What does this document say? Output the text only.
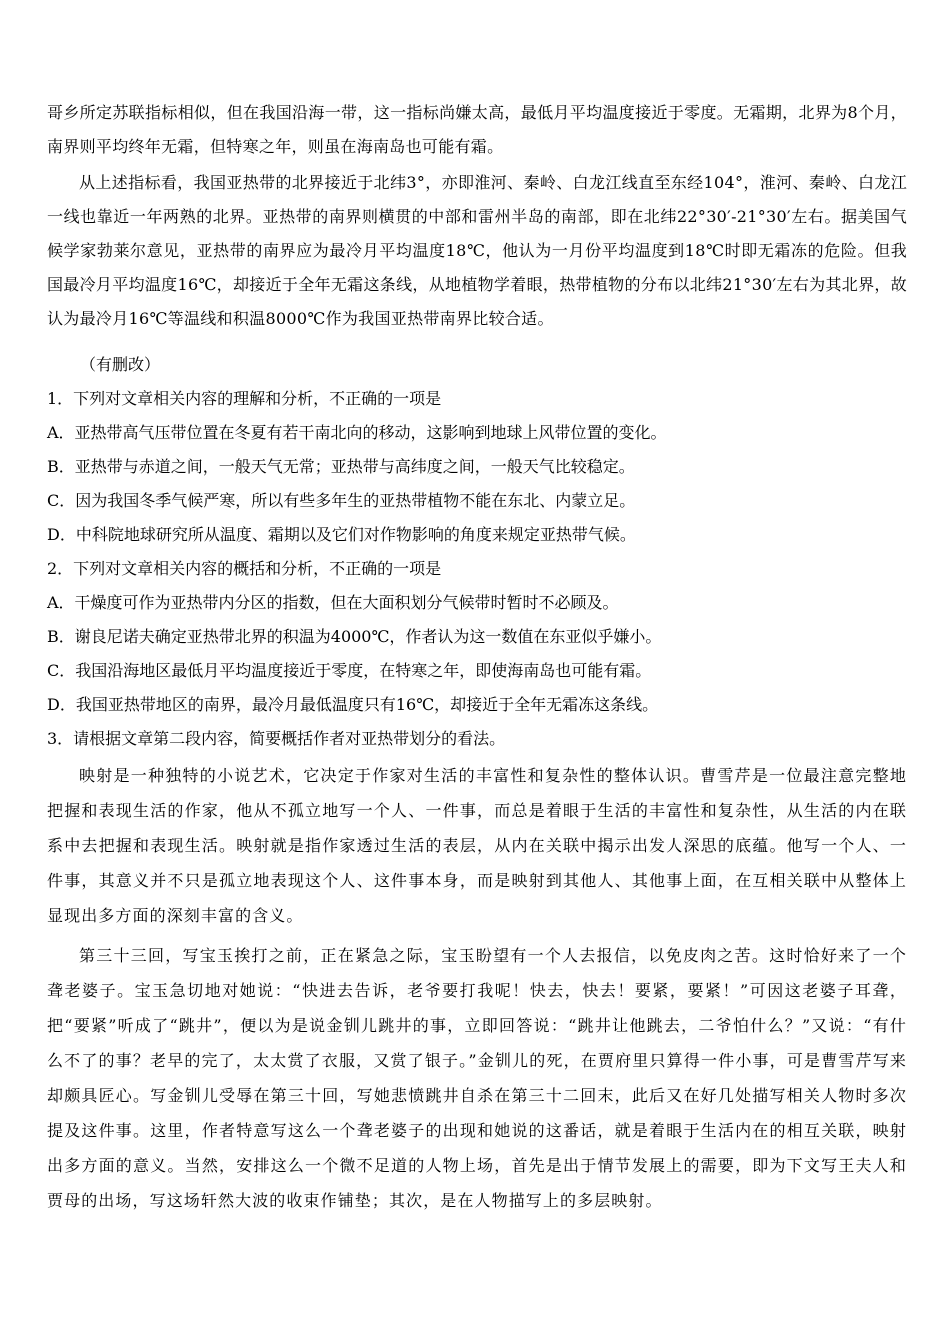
哥乡所定苏联指标相似，但在我国沿海一带，这一指标尚嫌太高，最低月平均温度接近于零度。无霜期，北界为8个月，南界则平均终年无霜，但特寒之年，则虽在海南岛也可能有霜。

从上述指标看，我国亚热带的北界接近于北纬3°，亦即淮河、秦岭、白龙江线直至东经104°，淮河、秦岭、白龙江一线也靠近一年两熟的北界。亚热带的南界则横贯的中部和雷州半岛的南部，即在北纬22°30′-21°30′左右。据美国气候学家勃莱尔意见，亚热带的南界应为最冷月平均温度18℃，他认为一月份平均温度到18℃时即无霜冻的危险。但我国最冷月平均温度16℃，却接近于全年无霜这条线，从地植物学着眼，热带植物的分布以北纬21°30′左右为其北界，故认为最冷月16℃等温线和积温8000℃作为我国亚热带南界比较合适。

（有删改）

1．下列对文章相关内容的理解和分析，不正确的一项是

A．亚热带高气压带位置在冬夏有若干南北向的移动，这影响到地球上风带位置的变化。

B．亚热带与赤道之间，一般天气无常；亚热带与高纬度之间，一般天气比较稳定。

C．因为我国冬季气候严寒，所以有些多年生的亚热带植物不能在东北、内蒙立足。

D．中科院地球研究所从温度、霜期以及它们对作物影响的角度来规定亚热带气候。

2．下列对文章相关内容的概括和分析，不正确的一项是

A．干燥度可作为亚热带内分区的指数，但在大面积划分气候带时暂时不必顾及。

B．谢良尼诺夫确定亚热带北界的积温为4000℃，作者认为这一数值在东亚似乎嫌小。

C．我国沿海地区最低月平均温度接近于零度，在特寒之年，即使海南岛也可能有霜。

D．我国亚热带地区的南界，最冷月最低温度只有16℃，却接近于全年无霜冻这条线。

3．请根据文章第二段内容，简要概括作者对亚热带划分的看法。

映射是一种独特的小说艺术，它决定于作家对生活的丰富性和复杂性的整体认识。曹雪芹是一位最注意完整地把握和表现生活的作家，他从不孤立地写一个人、一件事，而总是着眼于生活的丰富性和复杂性，从生活的内在联系中去把握和表现生活。映射就是指作家透过生活的表层，从内在关联中揭示出发人深思的底蕴。他写一个人、一件事，其意义并不只是孤立地表现这个人、这件事本身，而是映射到其他人、其他事上面，在互相关联中从整体上显现出多方面的深刻丰富的含义。

第三十三回，写宝玉挨打之前，正在紧急之际，宝玉盼望有一个人去报信，以免皮肉之苦。这时恰好来了一个聋老婆子。宝玉急切地对她说：“快进去告诉，老爷要打我呢！快去，快去！要紧，要紧！”可因这老婆子耳聋，把“要紧”听成了“跳井”，便以为是说金钏儿跳井的事，立即回答说：“跳井让他跳去，二爷怕什么？”又说：“有什么不了的事？老早的完了，太太赏了衣服，又赏了银子。”金钏儿的死，在贾府里只算得一件小事，可是曹雪芹写来却颇具匠心。写金钏儿受辱在第三十回，写她悲愤跳井自杀在第三十二回末，此后又在好几处描写相关人物时多次提及这件事。这里，作者特意写这么一个聋老婆子的出现和她说的这番话，就是着眼于生活内在的相互关联，映射出多方面的意义。当然，安排这么一个微不足道的人物上场，首先是出于情节发展上的需要，即为下文写王夫人和贾母的出场，写这场轩然大波的收束作铺垫；其次，是在人物描写上的多层映射。
